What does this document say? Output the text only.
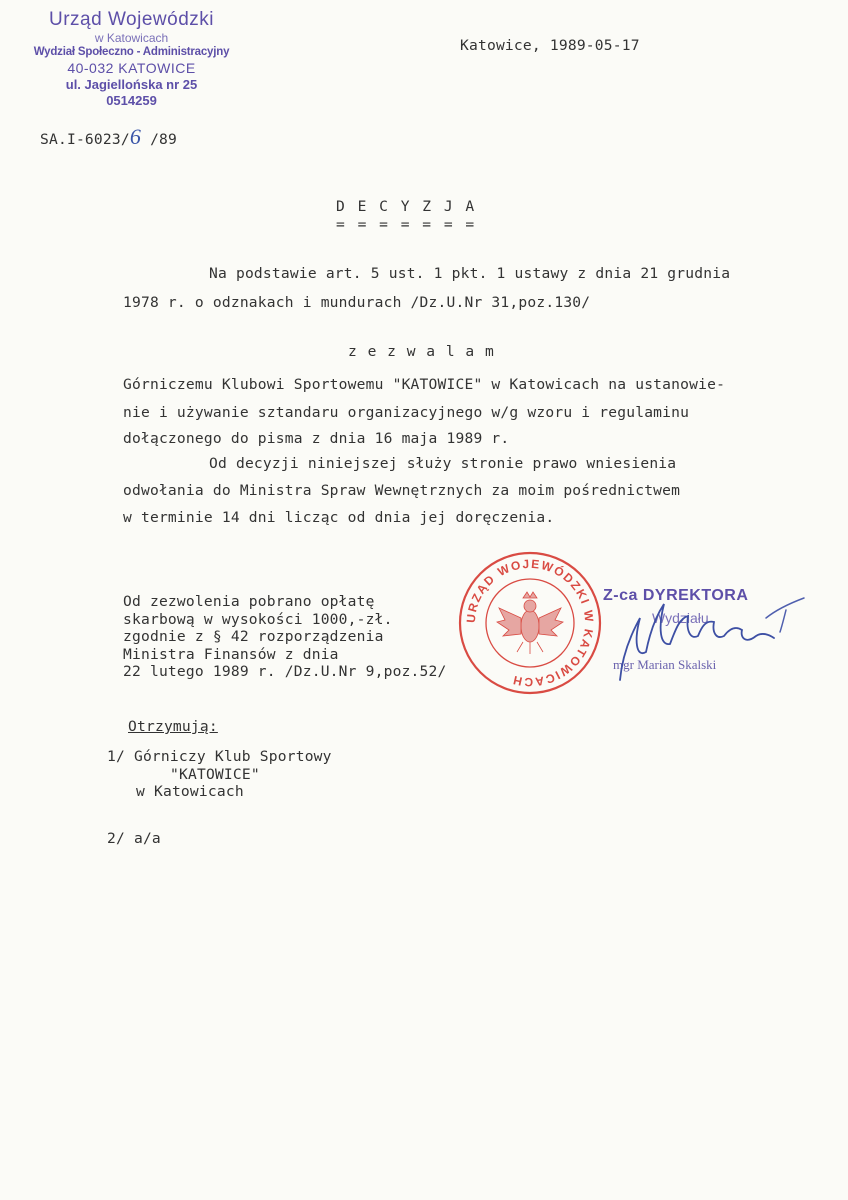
Urząd Wojewódzki
w Katowicach
Wydział Społeczno - Administracyjny
40-032 KATOWICE
ul. Jagiellońska nr 25
0514259
SA.I-6023/6 /89
Katowice, 1989-05-17
D E C Y Z J A
= = = = = = =
Na podstawie art. 5 ust. 1 pkt. 1 ustawy z dnia 21 grudnia
1978 r. o odznakach i mundurach /Dz.U.Nr 31,poz.130/
z e z w a l a m
Górniczemu Klubowi Sportowemu "KATOWICE" w Katowicach na ustanowie-
nie i używanie sztandaru organizacyjnego w/g wzoru i regulaminu
dołączonego do pisma z dnia 16 maja 1989 r.
Od decyzji niniejszej służy stronie prawo wniesienia
odwołania do Ministra Spraw Wewnętrznych za moim pośrednictwem
w terminie 14 dni licząc od dnia jej doręczenia.
Od zezwolenia pobrano opłatę
skarbową w wysokości 1000,-zł.
zgodnie z § 42 rozporządzenia
Ministra Finansów z dnia
22 lutego 1989 r. /Dz.U.Nr 9,poz.52/
URZĄD WOJEWÓDZKI W KATOWICACH
Z-ca DYREKTORA
Wydziału
mgr Marian Skalski
Otrzymują:
1/ Górniczy Klub Sportowy
"KATOWICE"
w Katowicach
2/ a/a
